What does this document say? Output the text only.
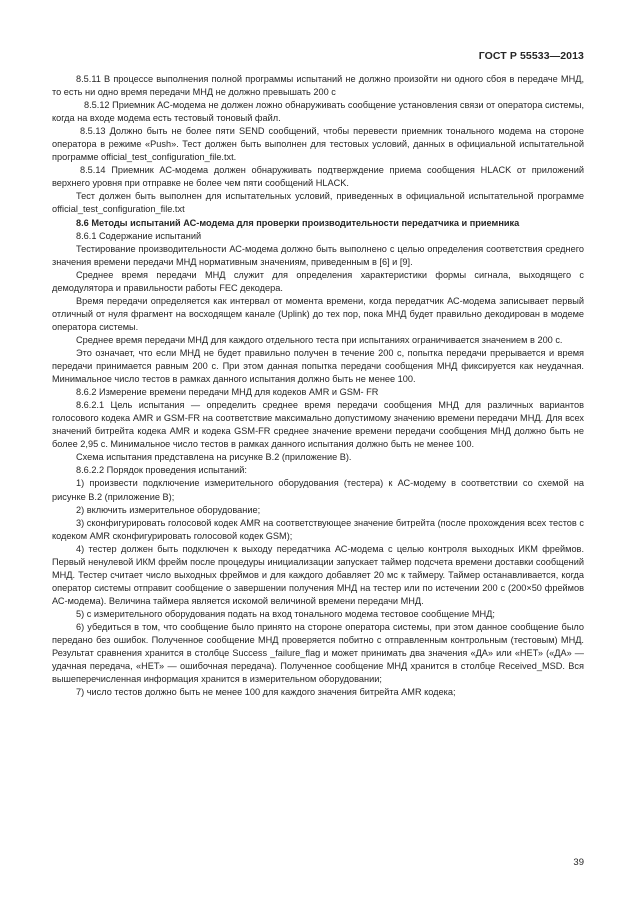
ГОСТ Р 55533—2013

8.5.11 В процессе выполнения полной программы испытаний не должно произойти ни одного сбоя в передаче МНД, то есть ни одно время передачи МНД не должно превышать 200 с

8.5.12 Приемник АС-модема не должен ложно обнаруживать сообщение установления связи от оператора системы, когда на входе модема есть тестовый тоновый файл.

8.5.13 Должно быть не более пяти SEND сообщений, чтобы перевести приемник тонального модема на стороне оператора в режиме «Push». Тест должен быть выполнен для тестовых условий, данных в официальной испытательной программе official_test_configuration_file.txt.

8.5.14 Приемник АС-модема должен обнаруживать подтверждение приема сообщения HLACK от приложений верхнего уровня при отправке не более чем пяти сообщений HLACK.

Тест должен быть выполнен для испытательных условий, приведенных в официальной испытательной программе official_test_configuration_file.txt

8.6 Методы испытаний АС-модема для проверки производительности передатчика и приемника

8.6.1 Содержание испытаний

Тестирование производительности АС-модема должно быть выполнено с целью определения соответствия среднего значения времени передачи МНД нормативным значениям, приведенным в [6] и [9].

Среднее время передачи МНД служит для определения характеристики формы сигнала, выходящего с демодулятора и правильности работы FEC декодера.

Время передачи определяется как интервал от момента времени, когда передатчик АС-модема записывает первый отличный от нуля фрагмент на восходящем канале (Uplink) до тех пор, пока МНД будет правильно декодирован в модеме оператора системы.

Среднее время передачи МНД для каждого отдельного теста при испытаниях ограничивается значением в 200 с.

Это означает, что если МНД не будет правильно получен в течение 200 с, попытка передачи прерывается и время передачи принимается равным 200 с. При этом данная попытка передачи сообщения МНД фиксируется как неудачная. Минимальное число тестов в рамках данного испытания должно быть не менее 100.

8.6.2 Измерение времени передачи МНД для кодеков AMR и GSM- FR

8.6.2.1 Цель испытания — определить среднее время передачи сообщения МНД для различных вариантов голосового кодека AMR и GSM-FR на соответствие максимально допустимому значению времени передачи МНД. Для всех значений битрейта кодека AMR и кодека GSM-FR среднее значение времени передачи сообщения МНД должно быть не более 2,95 с. Минимальное число тестов в рамках данного испытания должно быть не менее 100.

Схема испытания представлена на рисунке В.2 (приложение В).

8.6.2.2 Порядок проведения испытаний:

1) произвести подключение измерительного оборудования (тестера) к АС-модему в соответствии со схемой на рисунке В.2 (приложение В);

2) включить измерительное оборудование;

3) сконфигурировать голосовой кодек AMR на соответствующее значение битрейта (после прохождения всех тестов с кодеком AMR сконфигурировать голосовой кодек GSM);

4) тестер должен быть подключен к выходу передатчика АС-модема с целью контроля выходных ИКМ фреймов. Первый ненулевой ИКМ фрейм после процедуры инициализации запускает таймер подсчета времени доставки сообщений МНД. Тестер считает число выходных фреймов и для каждого добавляет 20 мс к таймеру. Таймер останавливается, когда оператор системы отправит сообщение о завершении получения МНД на тестер или по истечении 200 с (200×50 фреймов АС-модема). Величина таймера является искомой величиной времени передачи МНД.

5) с измерительного оборудования подать на вход тонального модема тестовое сообщение МНД;

6) убедиться в том, что сообщение было принято на стороне оператора системы, при этом данное сообщение было передано без ошибок. Полученное сообщение МНД проверяется побитно с отправленным контрольным (тестовым) МНД. Результат сравнения хранится в столбце Success _failure_flag и может принимать два значения «ДА» или «НЕТ» («ДА» — удачная передача, «НЕТ» — ошибочная передача). Полученное сообщение МНД хранится в столбце Received_MSD. Вся вышеперечисленная информация хранится в измерительном оборудовании;

7) число тестов должно быть не менее 100 для каждого значения битрейта AMR кодека;

39
